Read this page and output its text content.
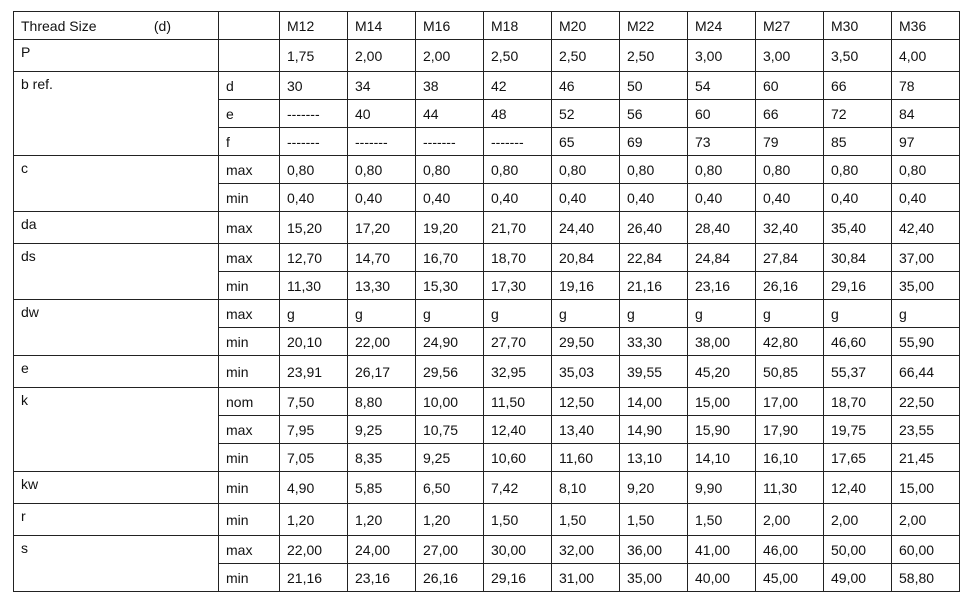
Thread Size (d)		M12	M14	M16	M18	M20	M22	M24	M27	M30	M36
P		1,75	2,00	2,00	2,50	2,50	2,50	3,00	3,00	3,50	4,00
b ref.	d	30	34	38	42	46	50	54	60	66	78
	e	-------	40	44	48	52	56	60	66	72	84
	f	-------	-------	-------	-------	65	69	73	79	85	97
c	max	0,80	0,80	0,80	0,80	0,80	0,80	0,80	0,80	0,80	0,80
	min	0,40	0,40	0,40	0,40	0,40	0,40	0,40	0,40	0,40	0,40
da	max	15,20	17,20	19,20	21,70	24,40	26,40	28,40	32,40	35,40	42,40
ds	max	12,70	14,70	16,70	18,70	20,84	22,84	24,84	27,84	30,84	37,00
	min	11,30	13,30	15,30	17,30	19,16	21,16	23,16	26,16	29,16	35,00
dw	max	g	g	g	g	g	g	g	g	g	g
	min	20,10	22,00	24,90	27,70	29,50	33,30	38,00	42,80	46,60	55,90
e	min	23,91	26,17	29,56	32,95	35,03	39,55	45,20	50,85	55,37	66,44
k	nom	7,50	8,80	10,00	11,50	12,50	14,00	15,00	17,00	18,70	22,50
	max	7,95	9,25	10,75	12,40	13,40	14,90	15,90	17,90	19,75	23,55
	min	7,05	8,35	9,25	10,60	11,60	13,10	14,10	16,10	17,65	21,45
kw	min	4,90	5,85	6,50	7,42	8,10	9,20	9,90	11,30	12,40	15,00
r	min	1,20	1,20	1,20	1,50	1,50	1,50	1,50	2,00	2,00	2,00
s	max	22,00	24,00	27,00	30,00	32,00	36,00	41,00	46,00	50,00	60,00
	min	21,16	23,16	26,16	29,16	31,00	35,00	40,00	45,00	49,00	58,80
